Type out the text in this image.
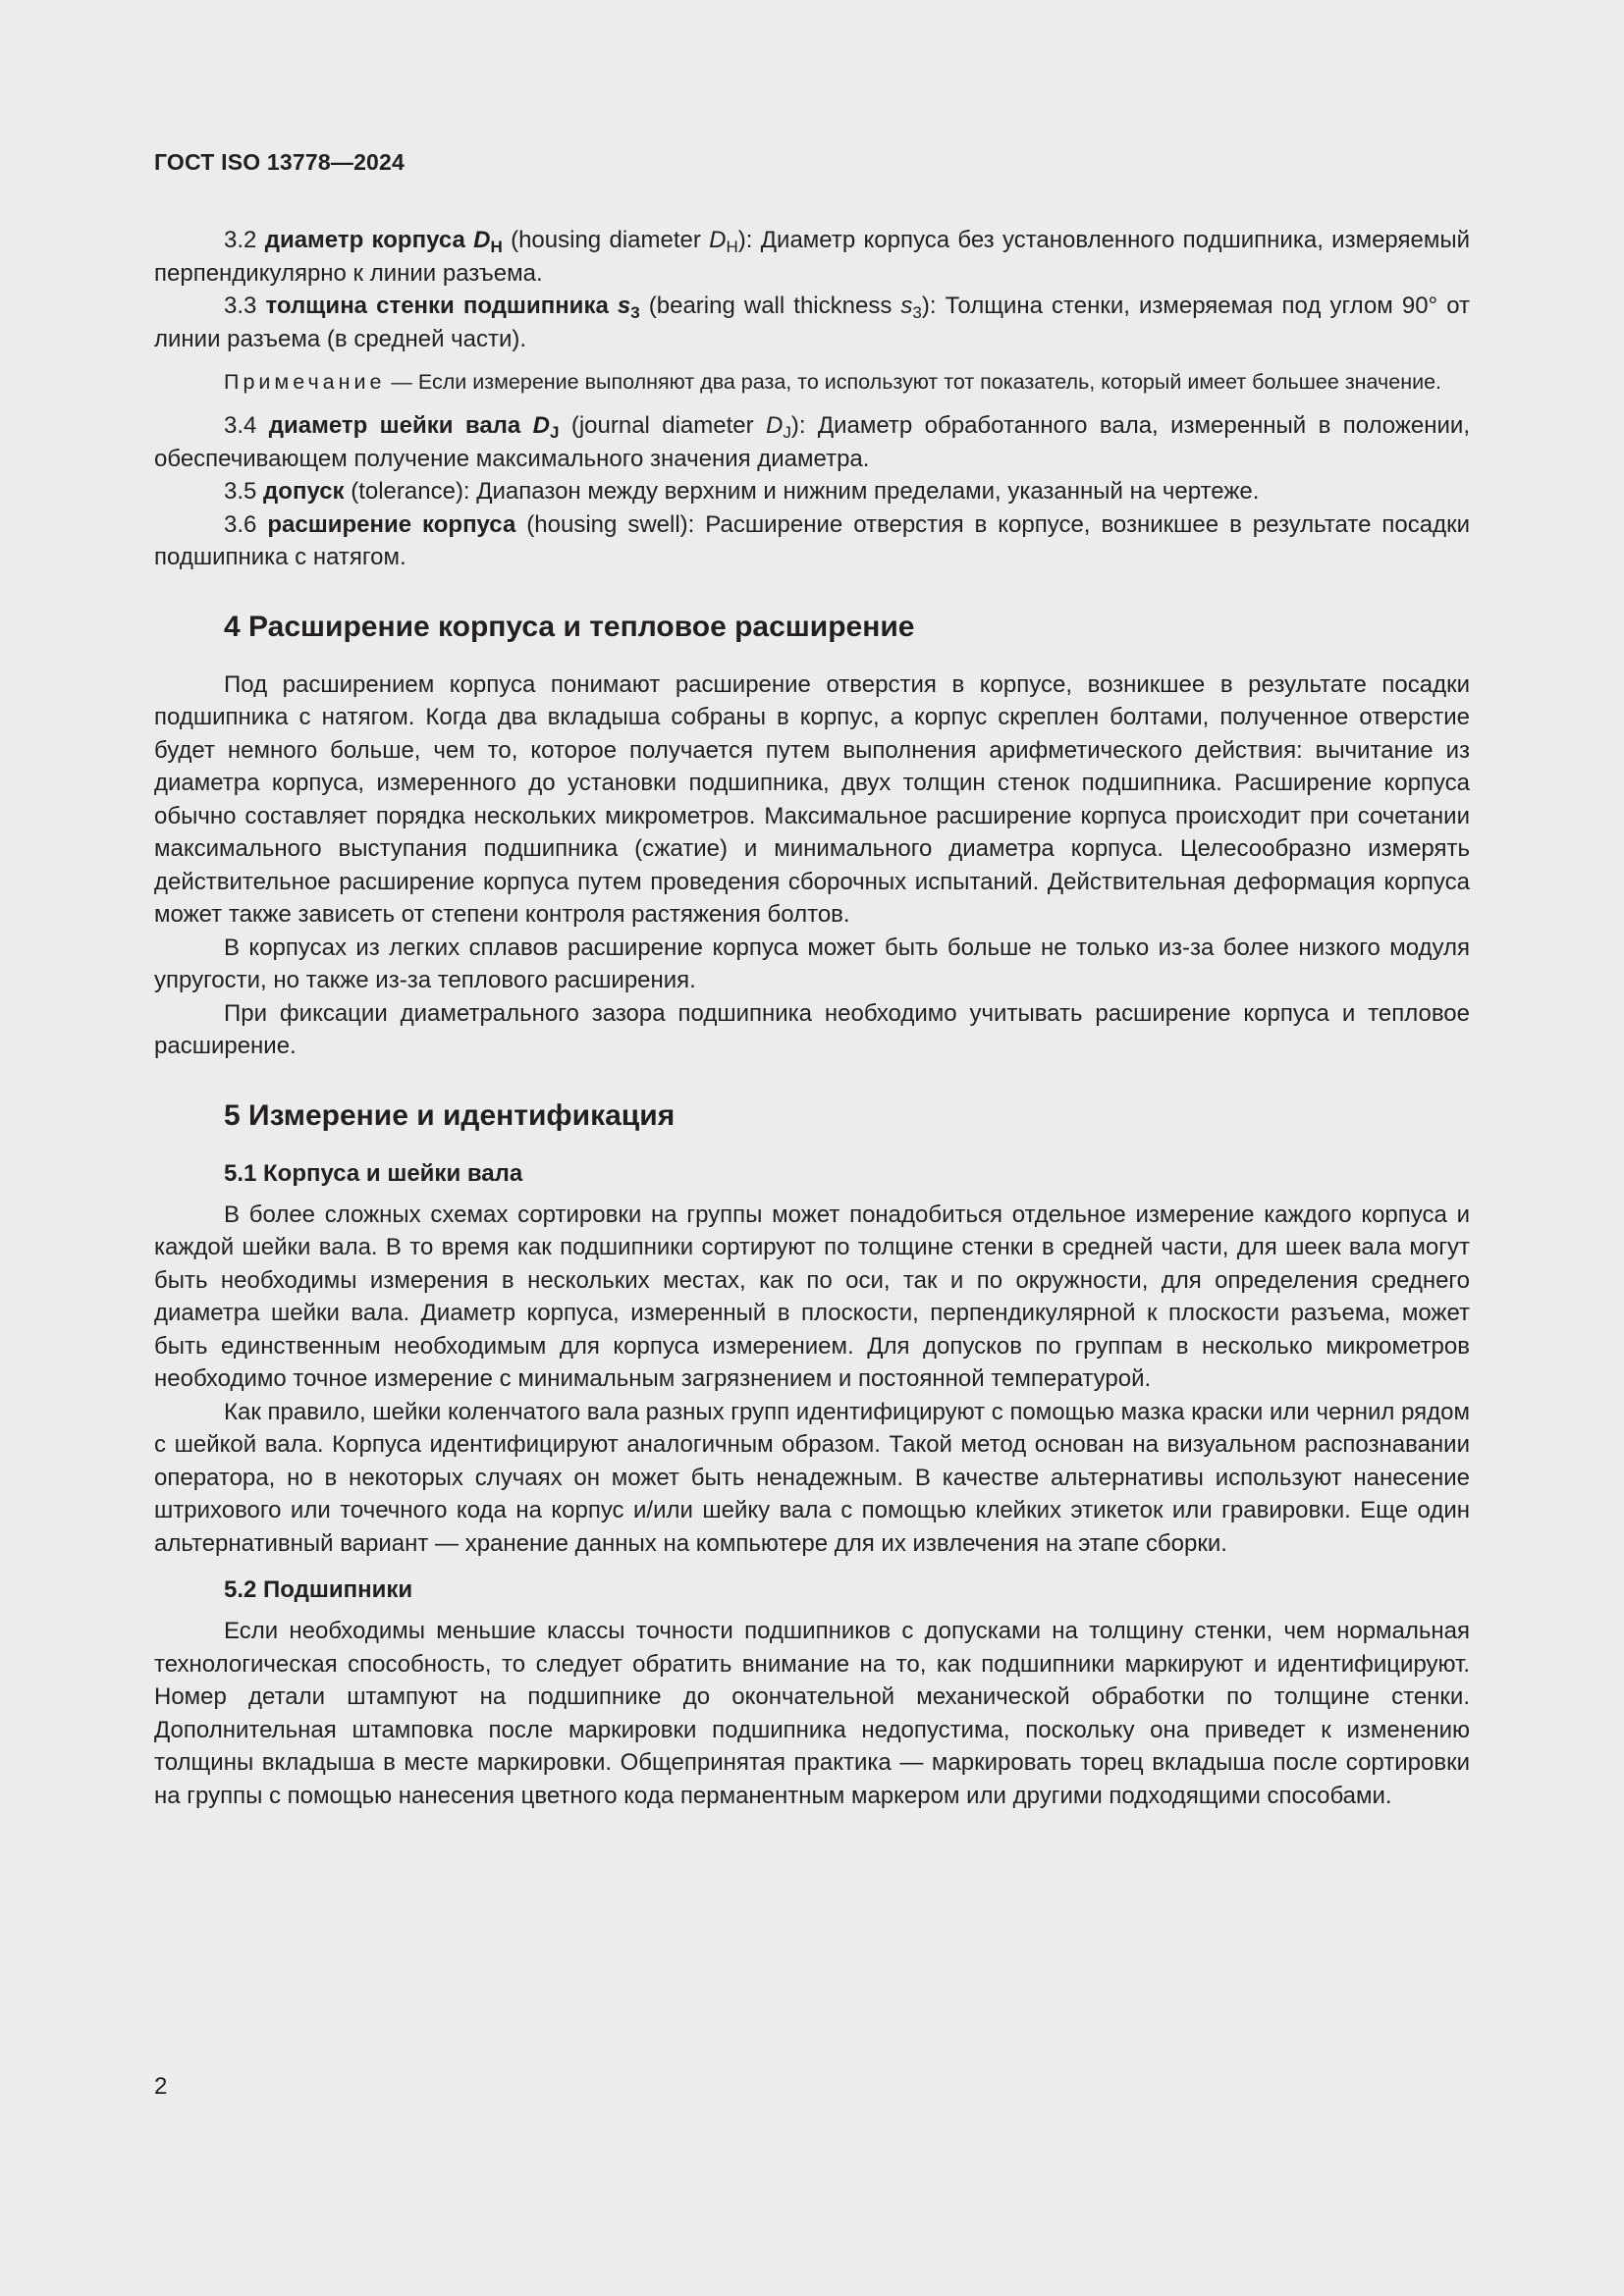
ГОСТ ISO 13778—2024

3.2 диаметр корпуса $D_H$ (housing diameter $D_H$): Диаметр корпуса без установленного подшипника, измеряемый перпендикулярно к линии разъема.

3.3 толщина стенки подшипника $s_3$ (bearing wall thickness $s_3$): Толщина стенки, измеряемая под углом 90° от линии разъема (в средней части).

Примечание — Если измерение выполняют два раза, то используют тот показатель, который имеет большее значение.

3.4 диаметр шейки вала $D_J$ (journal diameter $D_J$): Диаметр обработанного вала, измеренный в положении, обеспечивающем получение максимального значения диаметра.

3.5 допуск (tolerance): Диапазон между верхним и нижним пределами, указанный на чертеже.

3.6 расширение корпуса (housing swell): Расширение отверстия в корпусе, возникшее в результате посадки подшипника с натягом.

4 Расширение корпуса и тепловое расширение

Под расширением корпуса понимают расширение отверстия в корпусе, возникшее в результате посадки подшипника с натягом. Когда два вкладыша собраны в корпус, а корпус скреплен болтами, полученное отверстие будет немного больше, чем то, которое получается путем выполнения арифметического действия: вычитание из диаметра корпуса, измеренного до установки подшипника, двух толщин стенок подшипника. Расширение корпуса обычно составляет порядка нескольких микрометров. Максимальное расширение корпуса происходит при сочетании максимального выступания подшипника (сжатие) и минимального диаметра корпуса. Целесообразно измерять действительное расширение корпуса путем проведения сборочных испытаний. Действительная деформация корпуса может также зависеть от степени контроля растяжения болтов.

В корпусах из легких сплавов расширение корпуса может быть больше не только из-за более низкого модуля упругости, но также из-за теплового расширения.

При фиксации диаметрального зазора подшипника необходимо учитывать расширение корпуса и тепловое расширение.

5 Измерение и идентификация
5.1 Корпуса и шейки вала

В более сложных схемах сортировки на группы может понадобиться отдельное измерение каждого корпуса и каждой шейки вала. В то время как подшипники сортируют по толщине стенки в средней части, для шеек вала могут быть необходимы измерения в нескольких местах, как по оси, так и по окружности, для определения среднего диаметра шейки вала. Диаметр корпуса, измеренный в плоскости, перпендикулярной к плоскости разъема, может быть единственным необходимым для корпуса измерением. Для допусков по группам в несколько микрометров необходимо точное измерение с минимальным загрязнением и постоянной температурой.

Как правило, шейки коленчатого вала разных групп идентифицируют с помощью мазка краски или чернил рядом с шейкой вала. Корпуса идентифицируют аналогичным образом. Такой метод основан на визуальном распознавании оператора, но в некоторых случаях он может быть ненадежным. В качестве альтернативы используют нанесение штрихового или точечного кода на корпус и/или шейку вала с помощью клейких этикеток или гравировки. Еще один альтернативный вариант — хранение данных на компьютере для их извлечения на этапе сборки.

5.2 Подшипники

Если необходимы меньшие классы точности подшипников с допусками на толщину стенки, чем нормальная технологическая способность, то следует обратить внимание на то, как подшипники маркируют и идентифицируют. Номер детали штампуют на подшипнике до окончательной механической обработки по толщине стенки. Дополнительная штамповка после маркировки подшипника недопустима, поскольку она приведет к изменению толщины вкладыша в месте маркировки. Общепринятая практика — маркировать торец вкладыша после сортировки на группы с помощью нанесения цветного кода перманентным маркером или другими подходящими способами.

2
